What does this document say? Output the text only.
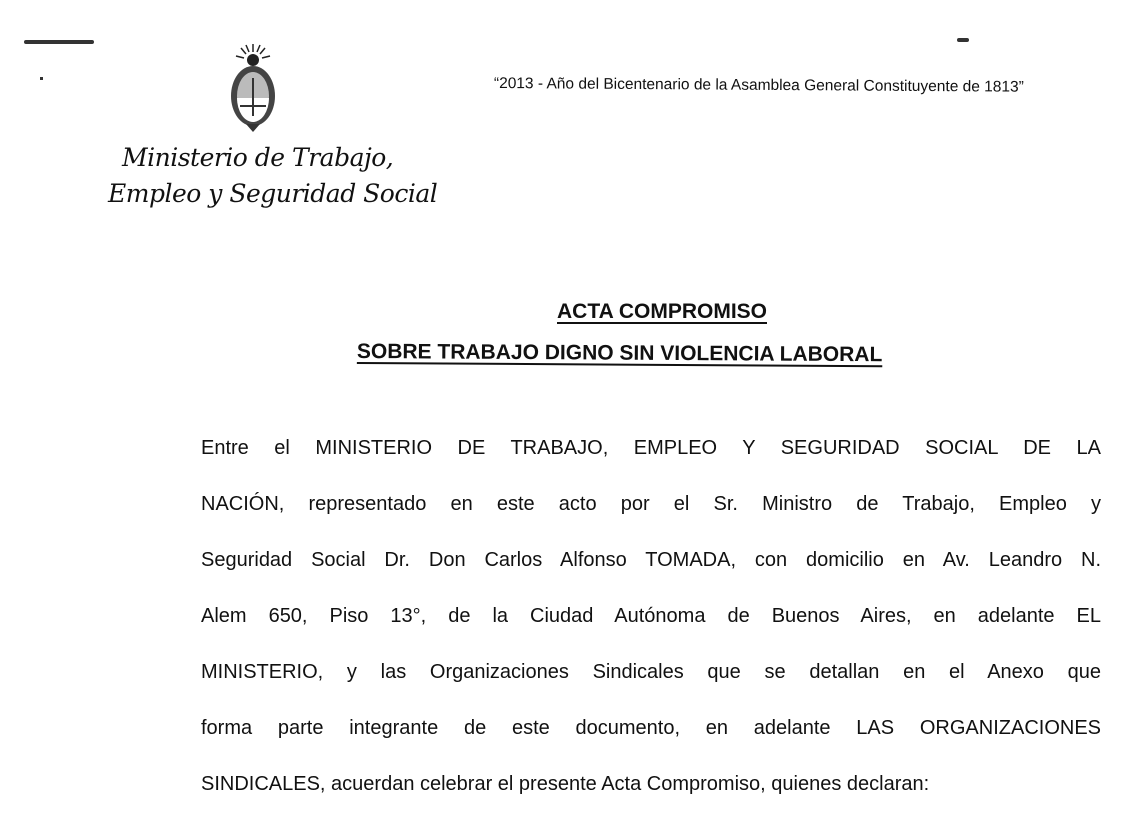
Ministerio de Trabajo,
Empleo y Seguridad Social
“2013 - Año del Bicentenario de la Asamblea General Constituyente de 1813”
ACTA COMPROMISO
SOBRE TRABAJO DIGNO SIN VIOLENCIA LABORAL
Entre el MINISTERIO DE TRABAJO, EMPLEO Y SEGURIDAD SOCIAL DE LA
NACIÓN, representado en este acto por el Sr. Ministro de Trabajo, Empleo y
Seguridad Social Dr. Don Carlos Alfonso TOMADA, con domicilio en Av. Leandro N.
Alem 650, Piso 13°, de la Ciudad Autónoma de Buenos Aires, en adelante EL
MINISTERIO, y las Organizaciones Sindicales que se detallan en el Anexo que
forma parte integrante de este documento, en adelante LAS ORGANIZACIONES
SINDICALES, acuerdan celebrar el presente Acta Compromiso, quienes declaran:
